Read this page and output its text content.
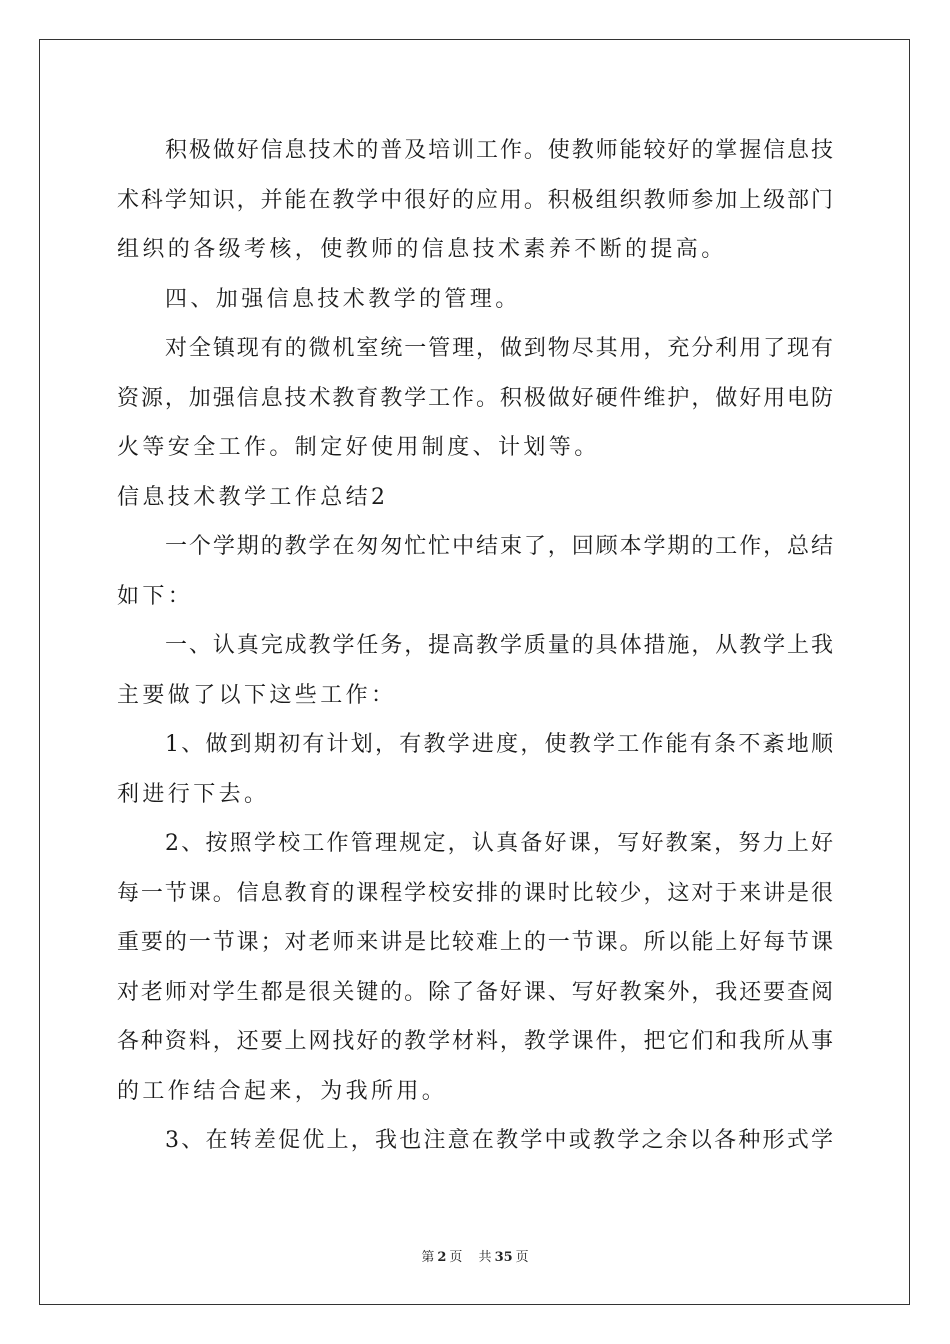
积极做好信息技术的普及培训工作。使教师能较好的掌握信息技
术科学知识，并能在教学中很好的应用。积极组织教师参加上级部门
组织的各级考核，使教师的信息技术素养不断的提高。
四、加强信息技术教学的管理。
对全镇现有的微机室统一管理，做到物尽其用，充分利用了现有
资源，加强信息技术教育教学工作。积极做好硬件维护，做好用电防
火等安全工作。制定好使用制度、计划等。
信息技术教学工作总结2
一个学期的教学在匆匆忙忙中结束了，回顾本学期的工作，总结
如下：
一、认真完成教学任务，提高教学质量的具体措施，从教学上我
主要做了以下这些工作：
1、做到期初有计划，有教学进度，使教学工作能有条不紊地顺
利进行下去。
2、按照学校工作管理规定，认真备好课，写好教案，努力上好
每一节课。信息教育的课程学校安排的课时比较少，这对于来讲是很
重要的一节课；对老师来讲是比较难上的一节课。所以能上好每节课
对老师对学生都是很关键的。除了备好课、写好教案外，我还要查阅
各种资料，还要上网找好的教学材料，教学课件，把它们和我所从事
的工作结合起来，为我所用。
3、在转差促优上，我也注意在教学中或教学之余以各种形式学
第 2 页 共 35 页
